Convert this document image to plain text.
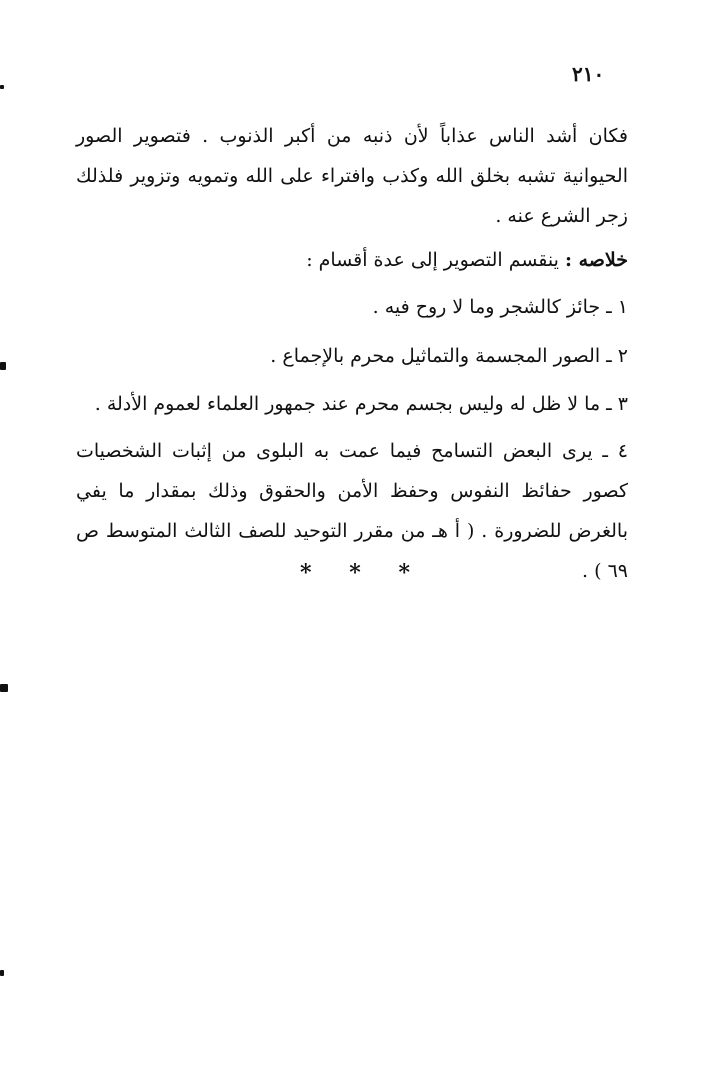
٢١٠
فكان أشد الناس عذاباً لأن ذنبه من أكبر الذنوب . فتصوير الصور الحيوانية تشبه بخلق الله وكذب وافتراء على الله وتمويه وتزوير فلذلك زجر الشرع عنه .
خلاصه : ينقسم التصوير إلى عدة أقسام :
١ ـ جائز كالشجر وما لا روح فيه .
٢ ـ الصور المجسمة والتماثيل محرم بالإجماع .
٣ ـ ما لا ظل له وليس بجسم محرم عند جمهور العلماء لعموم الأدلة .
٤ ـ يرى البعض التسامح فيما عمت به البلوى من إثبات الشخصيات كصور حفائظ النفوس وحفظ الأمن والحقوق وذلك بمقدار ما يفي بالغرض للضرورة . ( أ هـ من مقرر التوحيد للصف الثالث المتوسط ص ٦٩ ) .
* * *
